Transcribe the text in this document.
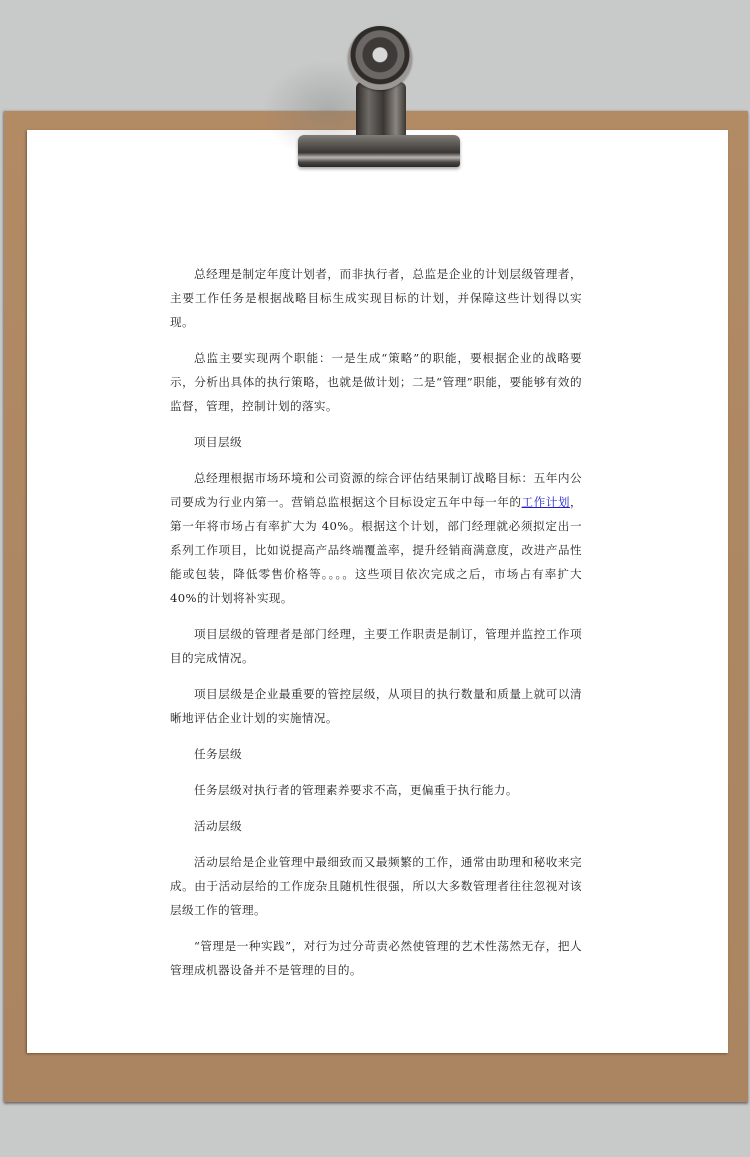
总经理是制定年度计划者，而非执行者，总监是企业的计划层级管理者，主要工作任务是根据战略目标生成实现目标的计划，并保障这些计划得以实现。

总监主要实现两个职能：一是生成“策略”的职能，要根据企业的战略要示，分析出具体的执行策略，也就是做计划；二是“管理”职能，要能够有效的监督，管理，控制计划的落实。

项目层级

总经理根据市场环境和公司资源的综合评估结果制订战略目标：五年内公司要成为行业内第一。营销总监根据这个目标设定五年中每一年的工作计划，第一年将市场占有率扩大为 40%。根据这个计划，部门经理就必须拟定出一系列工作项目，比如说提高产品终端覆盖率，提升经销商满意度，改进产品性能或包装，降低零售价格等。。。。这些项目依次完成之后，市场占有率扩大40%的计划将补实现。

项目层级的管理者是部门经理，主要工作职责是制订，管理并监控工作项目的完成情况。

项目层级是企业最重要的管控层级，从项目的执行数量和质量上就可以清晰地评估企业计划的实施情况。

任务层级

任务层级对执行者的管理素养要求不高，更偏重于执行能力。

活动层级

活动层给是企业管理中最细致而又最频繁的工作，通常由助理和秘收来完成。由于活动层给的工作庞杂且随机性很强，所以大多数管理者往往忽视对该层级工作的管理。

“管理是一种实践”，对行为过分苛责必然使管理的艺术性荡然无存，把人管理成机器设备并不是管理的目的。
